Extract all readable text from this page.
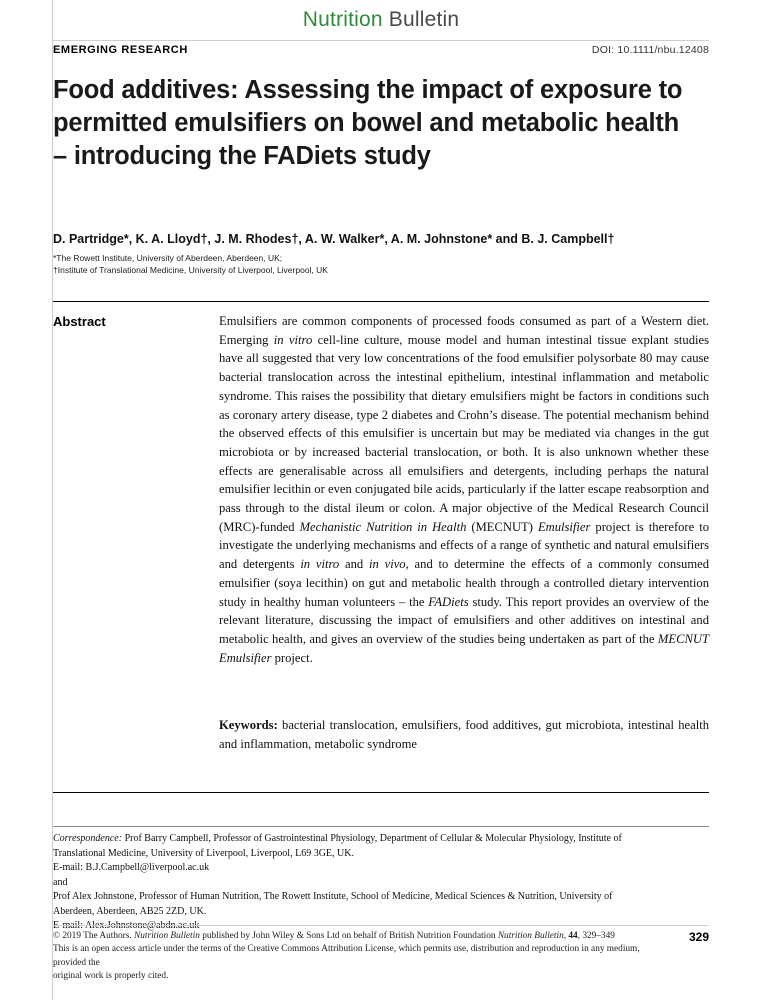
Nutrition Bulletin
EMERGING RESEARCH	DOI: 10.1111/nbu.12408
Food additives: Assessing the impact of exposure to permitted emulsifiers on bowel and metabolic health – introducing the FADiets study
D. Partridge*, K. A. Lloyd†, J. M. Rhodes†, A. W. Walker*, A. M. Johnstone* and B. J. Campbell†
*The Rowett Institute, University of Aberdeen, Aberdeen, UK;
†Institute of Translational Medicine, University of Liverpool, Liverpool, UK
Abstract	Emulsifiers are common components of processed foods consumed as part of a Western diet. Emerging in vitro cell-line culture, mouse model and human intestinal tissue explant studies have all suggested that very low concentrations of the food emulsifier polysorbate 80 may cause bacterial translocation across the intestinal epithelium, intestinal inflammation and metabolic syndrome. This raises the possibility that dietary emulsifiers might be factors in conditions such as coronary artery disease, type 2 diabetes and Crohn’s disease. The potential mechanism behind the observed effects of this emulsifier is uncertain but may be mediated via changes in the gut microbiota or by increased bacterial translocation, or both. It is also unknown whether these effects are generalisable across all emulsifiers and detergents, including perhaps the natural emulsifier lecithin or even conjugated bile acids, particularly if the latter escape reabsorption and pass through to the distal ileum or colon. A major objective of the Medical Research Council (MRC)-funded Mechanistic Nutrition in Health (MECNUT) Emulsifier project is therefore to investigate the underlying mechanisms and effects of a range of synthetic and natural emulsifiers and detergents in vitro and in vivo, and to determine the effects of a commonly consumed emulsifier (soya lecithin) on gut and metabolic health through a controlled dietary intervention study in healthy human volunteers – the FADiets study. This report provides an overview of the relevant literature, discussing the impact of emulsifiers and other additives on intestinal and metabolic health, and gives an overview of the studies being undertaken as part of the MECNUT Emulsifier project.

Keywords: bacterial translocation, emulsifiers, food additives, gut microbiota, intestinal health and inflammation, metabolic syndrome
Correspondence: Prof Barry Campbell, Professor of Gastrointestinal Physiology, Department of Cellular & Molecular Physiology, Institute of
Translational Medicine, University of Liverpool, Liverpool, L69 3GE, UK.
E-mail: B.J.Campbell@liverpool.ac.uk
and
Prof Alex Johnstone, Professor of Human Nutrition, The Rowett Institute, School of Medicine, Medical Sciences & Nutrition, University of
Aberdeen, Aberdeen, AB25 2ZD, UK.
© 2019 The Authors. Nutrition Bulletin published by John Wiley & Sons Ltd on behalf of British Nutrition Foundation Nutrition Bulletin, 44, 329–349
This is an open access article under the terms of the Creative Commons Attribution License, which permits use, distribution and reproduction in any medium, provided the
original work is properly cited.
329
